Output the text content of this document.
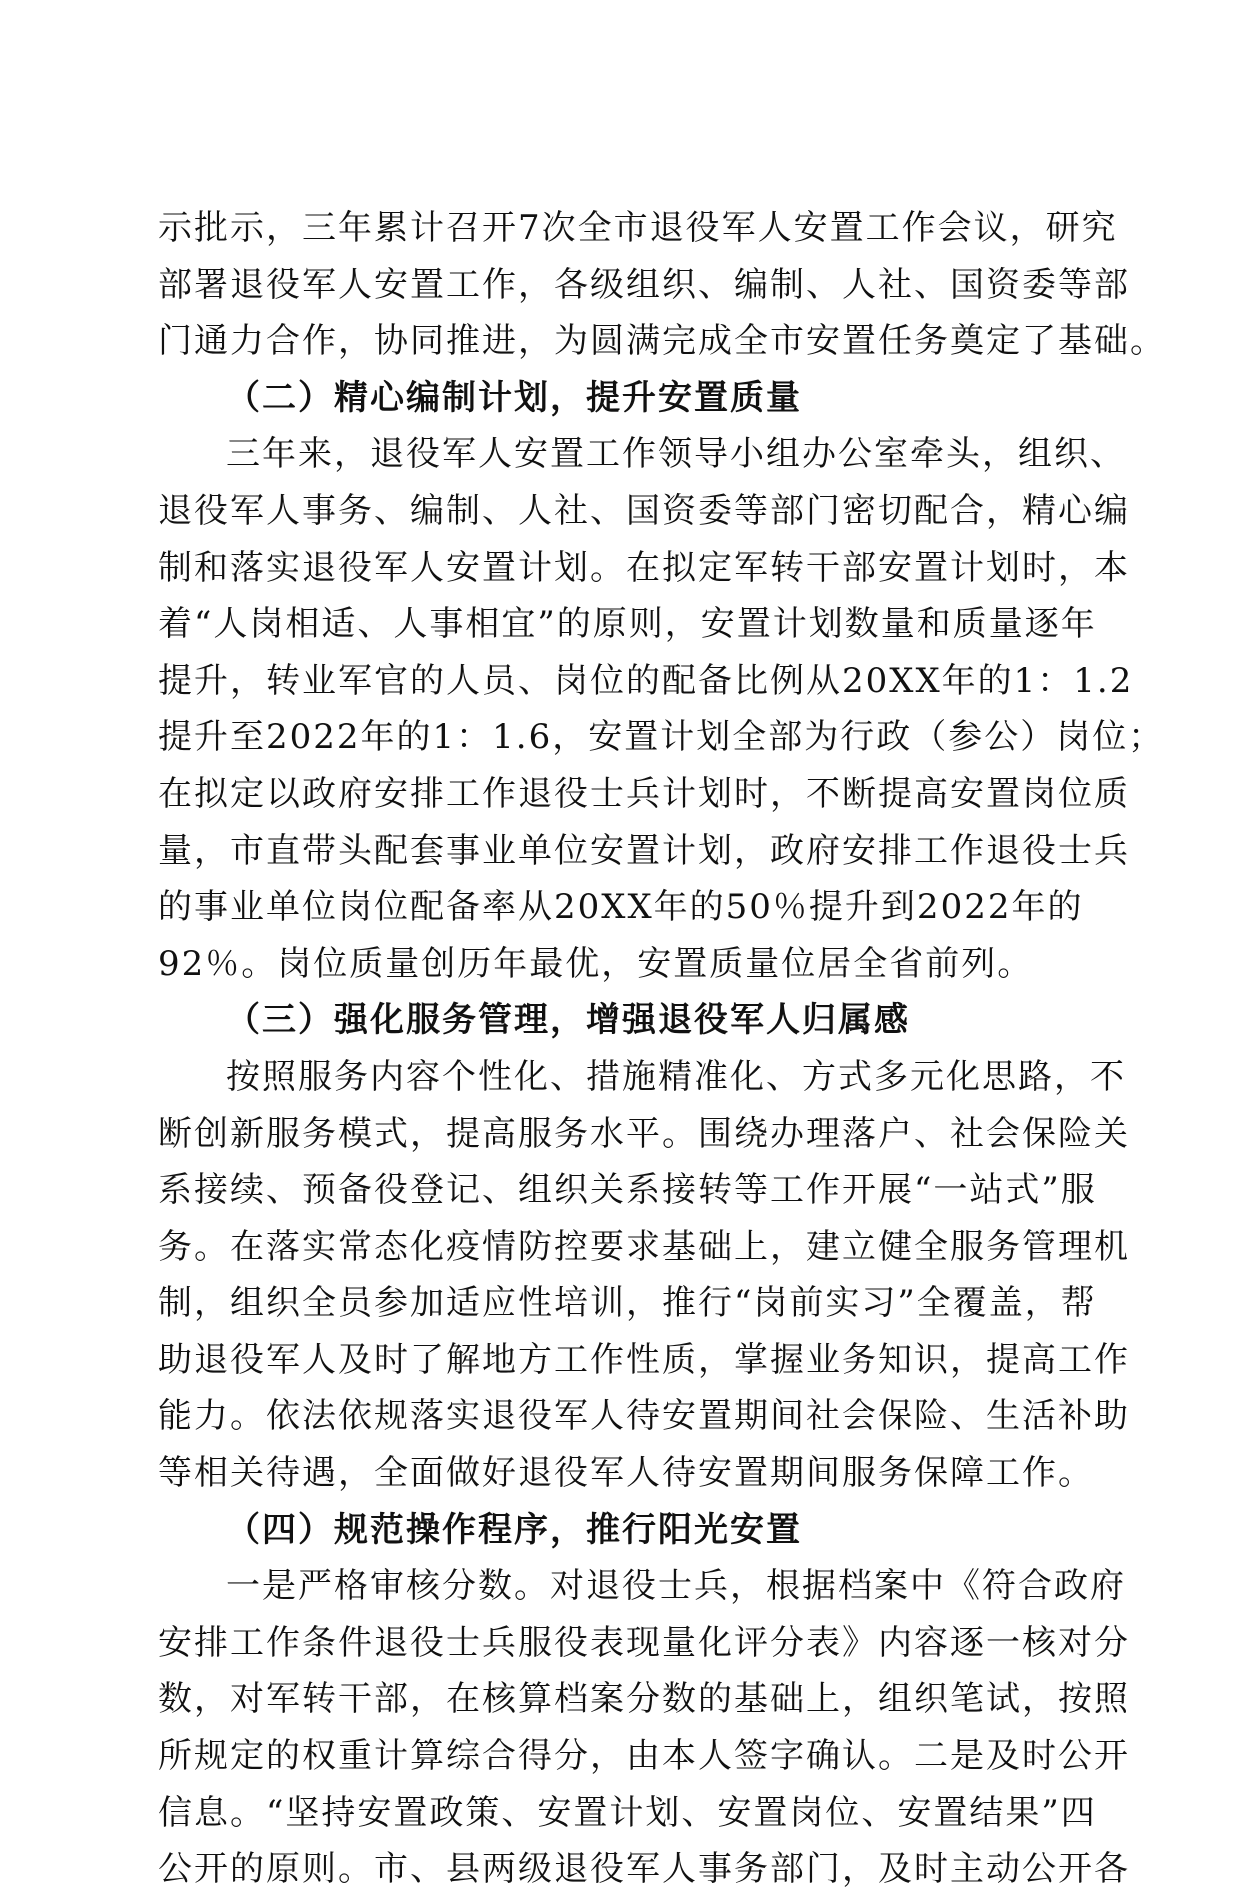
示批示，三年累计召开7次全市退役军人安置工作会议，研究
部署退役军人安置工作，各级组织、编制、人社、国资委等部
门通力合作，协同推进，为圆满完成全市安置任务奠定了基础。
（二）精心编制计划，提升安置质量
三年来，退役军人安置工作领导小组办公室牵头，组织、
退役军人事务、编制、人社、国资委等部门密切配合，精心编
制和落实退役军人安置计划。在拟定军转干部安置计划时，本
着“人岗相适、人事相宜”的原则，安置计划数量和质量逐年
提升，转业军官的人员、岗位的配备比例从20XX年的1：1.2
提升至2022年的1：1.6，安置计划全部为行政（参公）岗位；
在拟定以政府安排工作退役士兵计划时，不断提高安置岗位质
量，市直带头配套事业单位安置计划，政府安排工作退役士兵
的事业单位岗位配备率从20XX年的50％提升到2022年的
92％。岗位质量创历年最优，安置质量位居全省前列。
（三）强化服务管理，增强退役军人归属感
按照服务内容个性化、措施精准化、方式多元化思路，不
断创新服务模式，提高服务水平。围绕办理落户、社会保险关
系接续、预备役登记、组织关系接转等工作开展“一站式”服
务。在落实常态化疫情防控要求基础上，建立健全服务管理机
制，组织全员参加适应性培训，推行“岗前实习”全覆盖，帮
助退役军人及时了解地方工作性质，掌握业务知识，提高工作
能力。依法依规落实退役军人待安置期间社会保险、生活补助
等相关待遇，全面做好退役军人待安置期间服务保障工作。
（四）规范操作程序，推行阳光安置
一是严格审核分数。对退役士兵，根据档案中《符合政府
安排工作条件退役士兵服役表现量化评分表》内容逐一核对分
数，对军转干部，在核算档案分数的基础上，组织笔试，按照
所规定的权重计算综合得分，由本人签字确认。二是及时公开
信息。“坚持安置政策、安置计划、安置岗位、安置结果”四
公开的原则。市、县两级退役军人事务部门，及时主动公开各
